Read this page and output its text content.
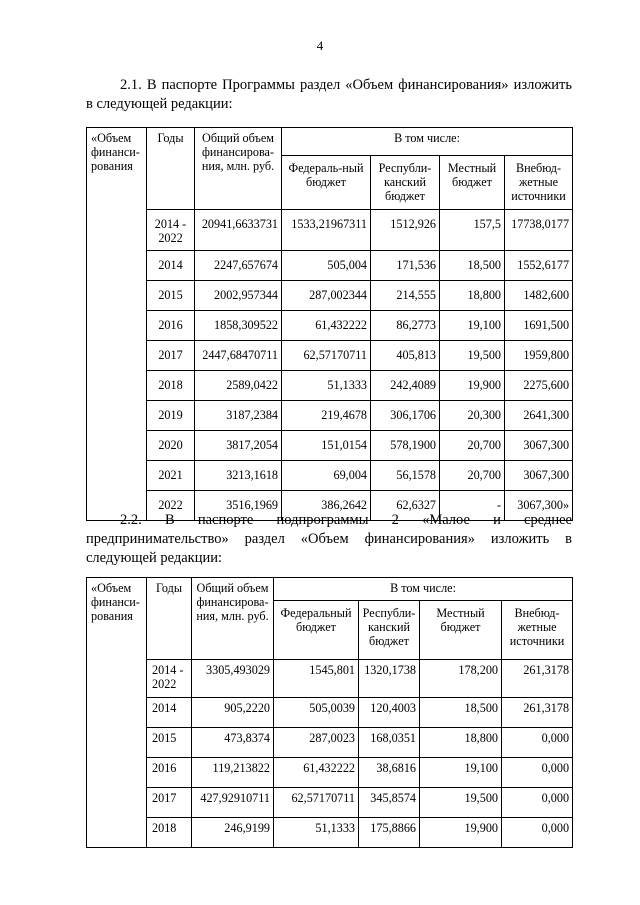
4
2.1. В паспорте Программы раздел «Объем финансирования» изложить в следующей редакции:
«Объем финанси-рования	Годы	Общий объем финансирова-ния, млн. руб.	В том числе:			
			Федераль-ный бюджет	Республи-канский бюджет	Местный бюджет	Внебюд-жетные источники
	2014 - 2022	20941,6633731	1533,21967311	1512,926	157,5	17738,0177
	2014	2247,657674	505,004	171,536	18,500	1552,6177
	2015	2002,957344	287,002344	214,555	18,800	1482,600
	2016	1858,309522	61,432222	86,2773	19,100	1691,500
	2017	2447,68470711	62,57170711	405,813	19,500	1959,800
	2018	2589,0422	51,1333	242,4089	19,900	2275,600
	2019	3187,2384	219,4678	306,1706	20,300	2641,300
	2020	3817,2054	151,0154	578,1900	20,700	3067,300
	2021	3213,1618	69,004	56,1578	20,700	3067,300
	2022	3516,1969	386,2642	62,6327	-	3067,300»
2.2. В паспорте подпрограммы 2 «Малое и среднее предпринимательство» раздел «Объем финансирования» изложить в следующей редакции:
«Объем финанси-рования	Годы	Общий объем финансирова-ния, млн. руб.	В том числе:			
			Федеральный бюджет	Республи-канский бюджет	Местный бюджет	Внебюд-жетные источники
	2014 - 2022	3305,493029	1545,801	1320,1738	178,200	261,3178
	2014	905,2220	505,0039	120,4003	18,500	261,3178
	2015	473,8374	287,0023	168,0351	18,800	0,000
	2016	119,213822	61,432222	38,6816	19,100	0,000
	2017	427,92910711	62,57170711	345,8574	19,500	0,000
	2018	246,9199	51,1333	175,8866	19,900	0,000
